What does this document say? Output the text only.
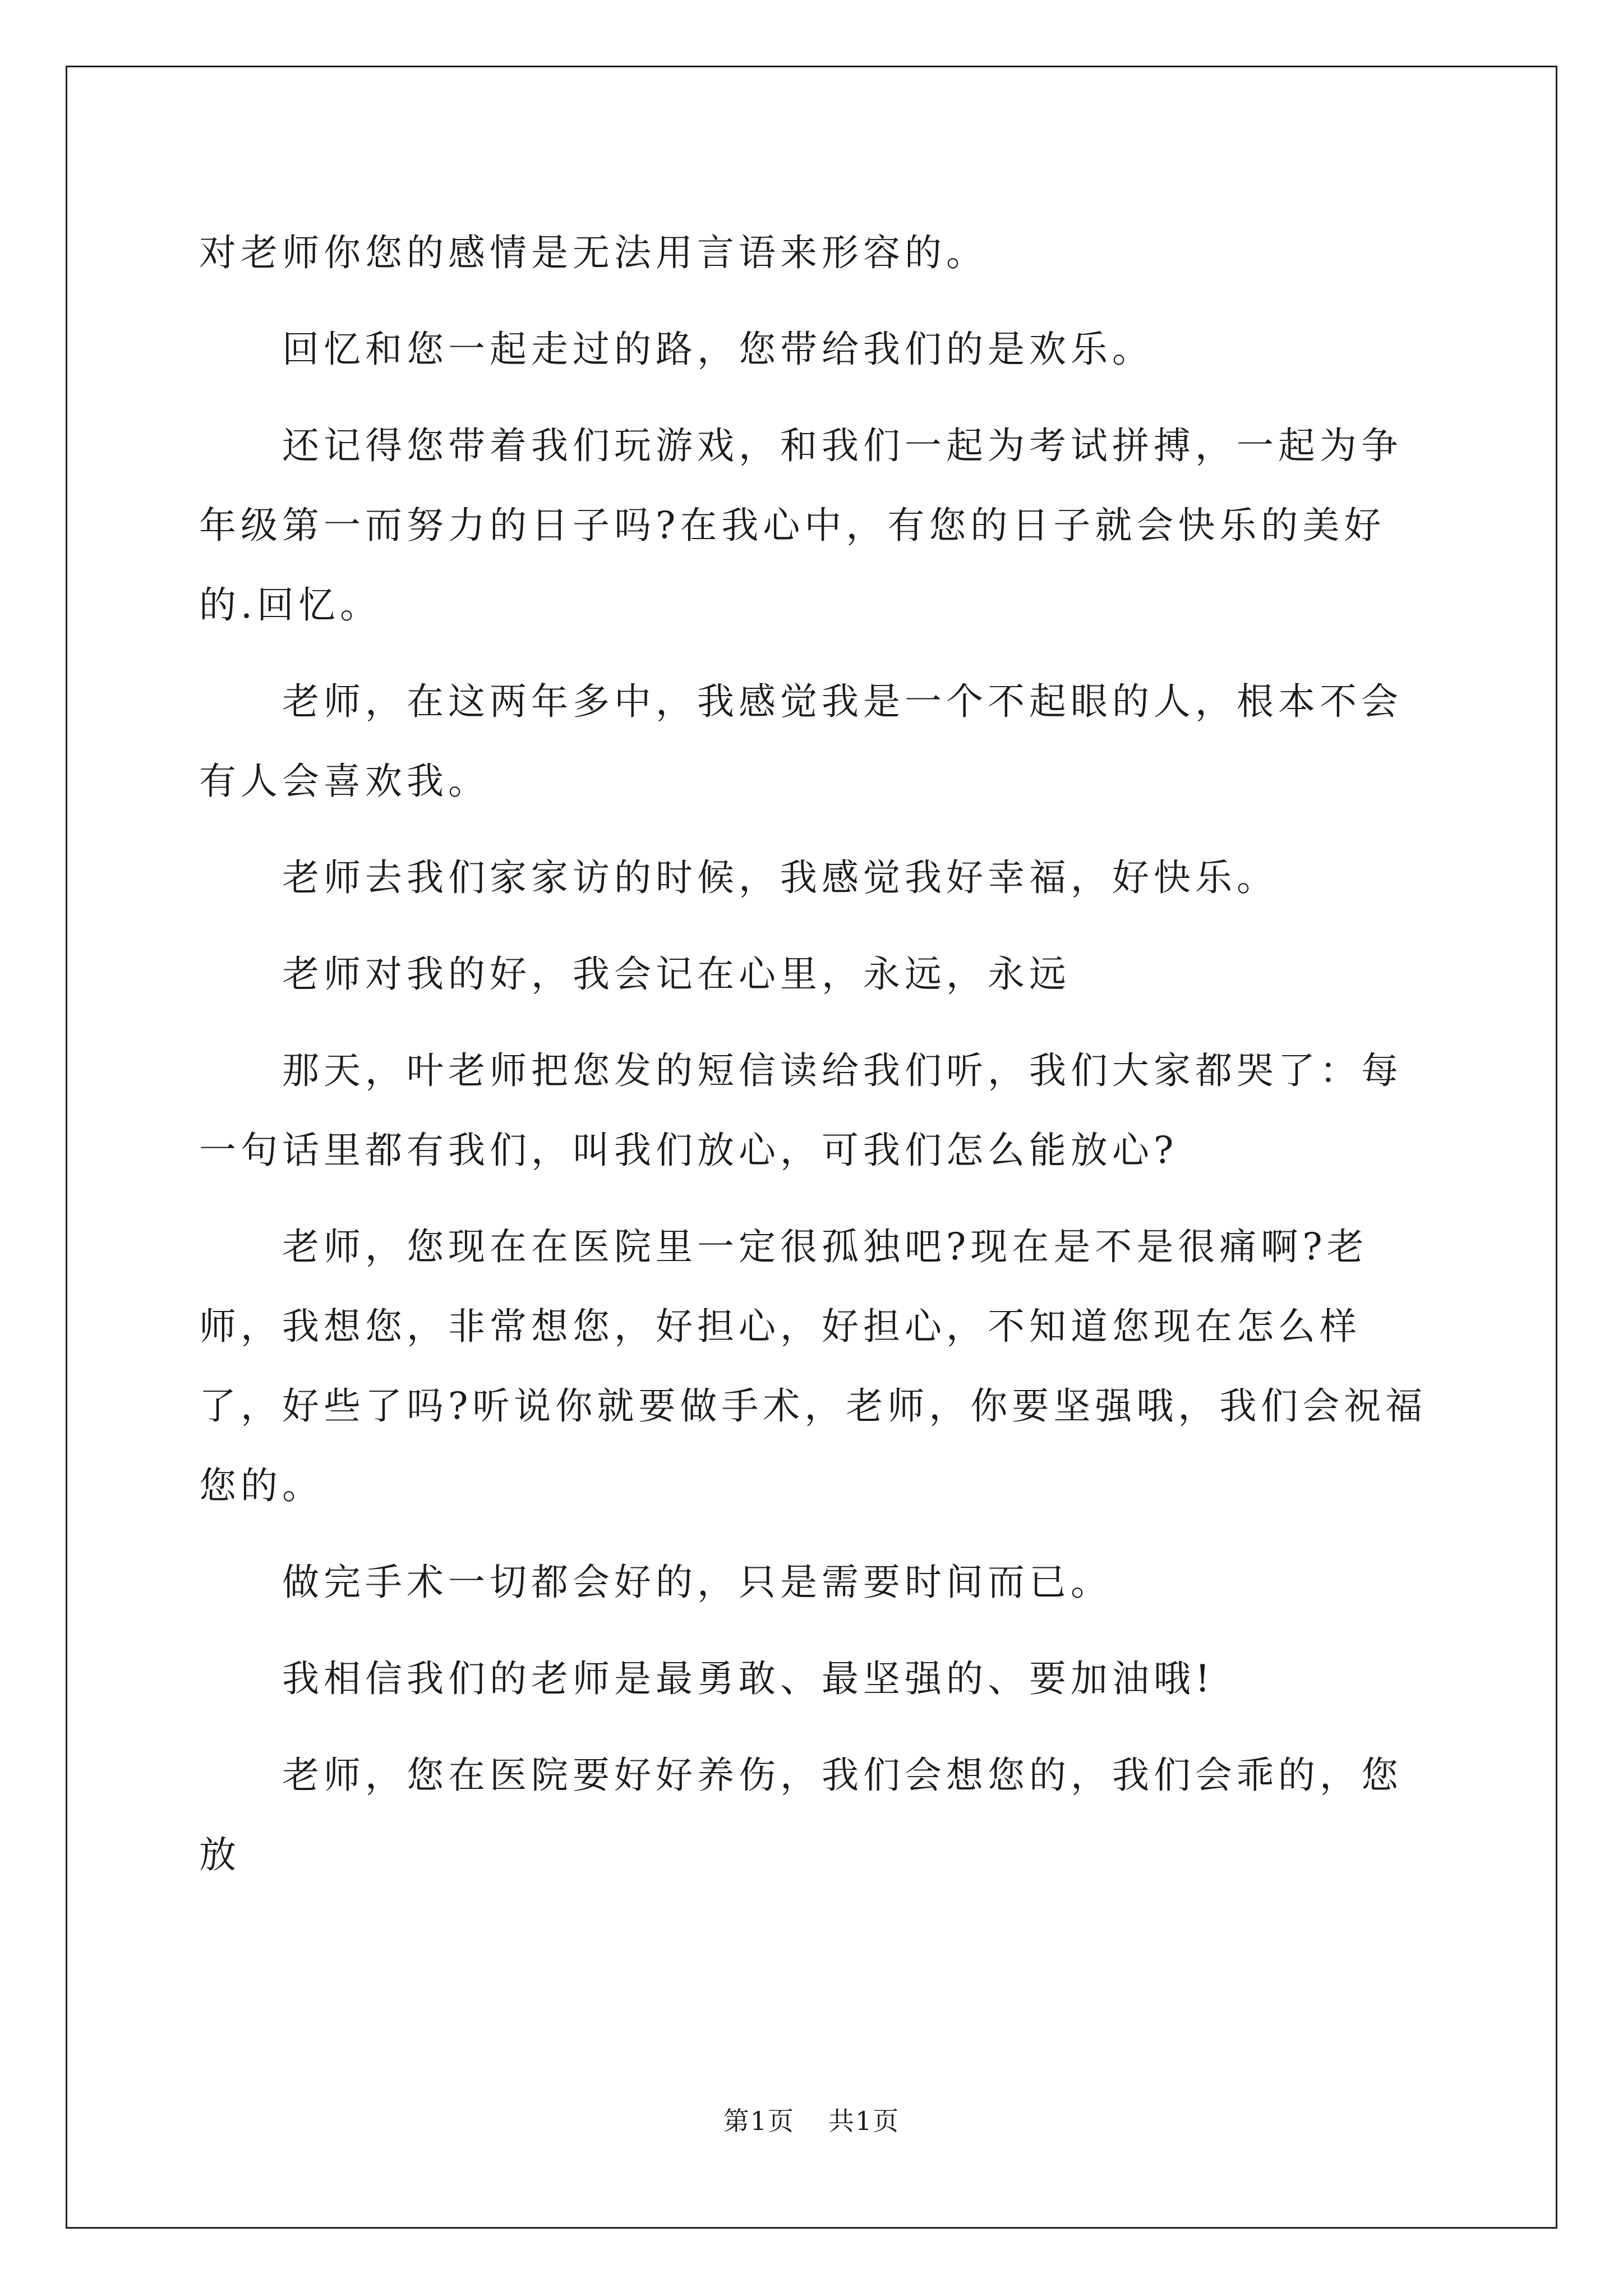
对老师你您的感情是无法用言语来形容的。

回忆和您一起走过的路，您带给我们的是欢乐。

还记得您带着我们玩游戏，和我们一起为考试拼搏，一起为争年级第一而努力的日子吗?在我心中，有您的日子就会快乐的美好的.回忆。

老师，在这两年多中，我感觉我是一个不起眼的人，根本不会有人会喜欢我。

老师去我们家家访的时候，我感觉我好幸福，好快乐。

老师对我的好，我会记在心里，永远，永远

那天，叶老师把您发的短信读给我们听，我们大家都哭了：每一句话里都有我们，叫我们放心，可我们怎么能放心?

老师，您现在在医院里一定很孤独吧?现在是不是很痛啊?老师，我想您，非常想您，好担心，好担心，不知道您现在怎么样了，好些了吗?听说你就要做手术，老师，你要坚强哦，我们会祝福您的。

做完手术一切都会好的，只是需要时间而已。

我相信我们的老师是最勇敢、最坚强的、要加油哦!

老师，您在医院要好好养伤，我们会想您的，我们会乖的，您放

第1页 共1页
